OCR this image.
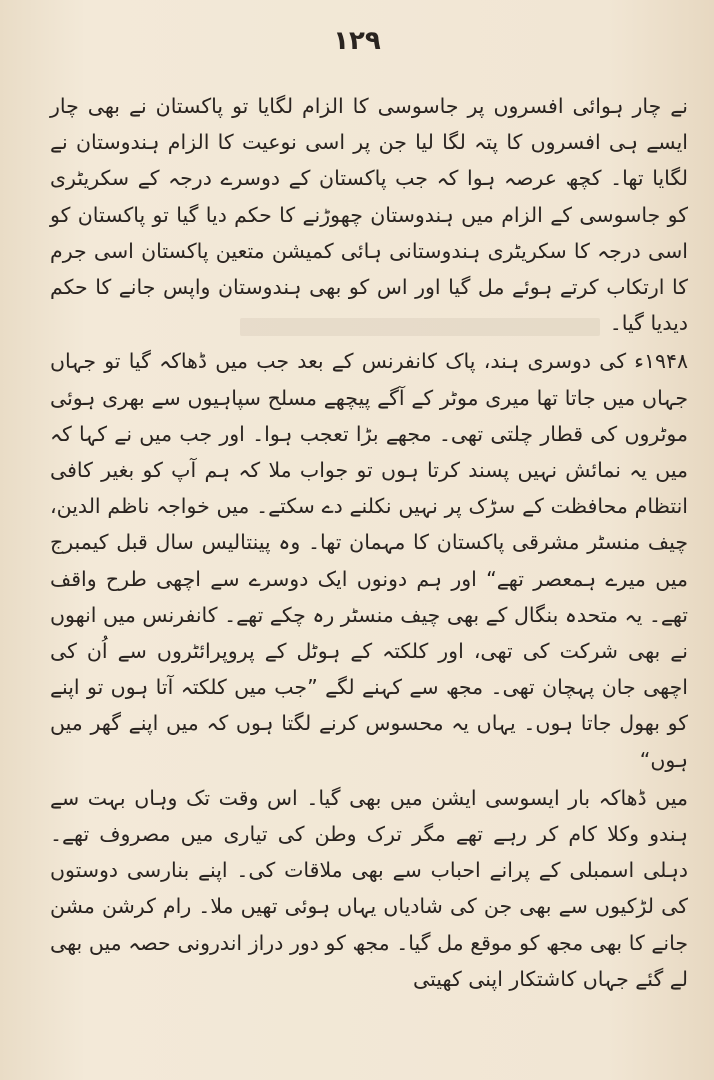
۱۲۹

نے چار ہوائی افسروں پر جاسوسی کا الزام لگایا تو پاکستان نے بھی چار ایسے ہی افسروں کا پتہ لگا لیا جن پر اسی نوعیت کا الزام ہندوستان نے لگایا تھا۔ کچھ عرصہ ہوا کہ جب پاکستان کے دوسرے درجہ کے سکریٹری کو جاسوسی کے الزام میں ہندوستان چھوڑنے کا حکم دیا گیا تو پاکستان کو اسی درجہ کا سکریٹری ہندوستانی ہائی کمیشن متعین پاکستان اسی جرم کا ارتکاب کرتے ہوئے مل گیا اور اس کو بھی ہندوستان واپس جانے کا حکم دیدیا گیا۔

۱۹۴۸ء کی دوسری ہند، پاک کانفرنس کے بعد جب میں ڈھاکہ گیا تو جہاں جہاں میں جاتا تھا میری موٹر کے آگے پیچھے مسلح سپاہیوں سے بھری ہوئی موٹروں کی قطار چلتی تھی۔ مجھے بڑا تعجب ہوا۔ اور جب میں نے کہا کہ میں یہ نمائش نہیں پسند کرتا ہوں تو جواب ملا کہ ہم آپ کو بغیر کافی انتظام محافظت کے سڑک پر نہیں نکلنے دے سکتے۔ میں خواجہ ناظم الدین، چیف منسٹر مشرقی پاکستان کا مہمان تھا۔ وہ پینتالیس سال قبل کیمبرج میں میرے ہمعصر تھے“ اور ہم دونوں ایک دوسرے سے اچھی طرح واقف تھے۔ یہ متحدہ بنگال کے بھی چیف منسٹر رہ چکے تھے۔ کانفرنس میں انھوں نے بھی شرکت کی تھی، اور کلکتہ کے ہوٹل کے پروپرائٹروں سے اُن کی اچھی جان پہچان تھی۔ مجھ سے کہنے لگے ”جب میں کلکتہ آتا ہوں تو اپنے کو بھول جاتا ہوں۔ یہاں یہ محسوس کرنے لگتا ہوں کہ میں اپنے گھر میں ہوں“

میں ڈھاکہ بار ایسوسی ایشن میں بھی گیا۔ اس وقت تک وہاں بہت سے ہندو وکلا کام کر رہے تھے مگر ترک وطن کی تیاری میں مصروف تھے۔ دہلی اسمبلی کے پرانے احباب سے بھی ملاقات کی۔ اپنے بنارسی دوستوں کی لڑکیوں سے بھی جن کی شادیاں یہاں ہوئی تھیں ملا۔ رام کرشن مشن جانے کا بھی مجھ کو موقع مل گیا۔ مجھ کو دور دراز اندرونی حصہ میں بھی لے گئے جہاں کاشتکار اپنی کھیتی
